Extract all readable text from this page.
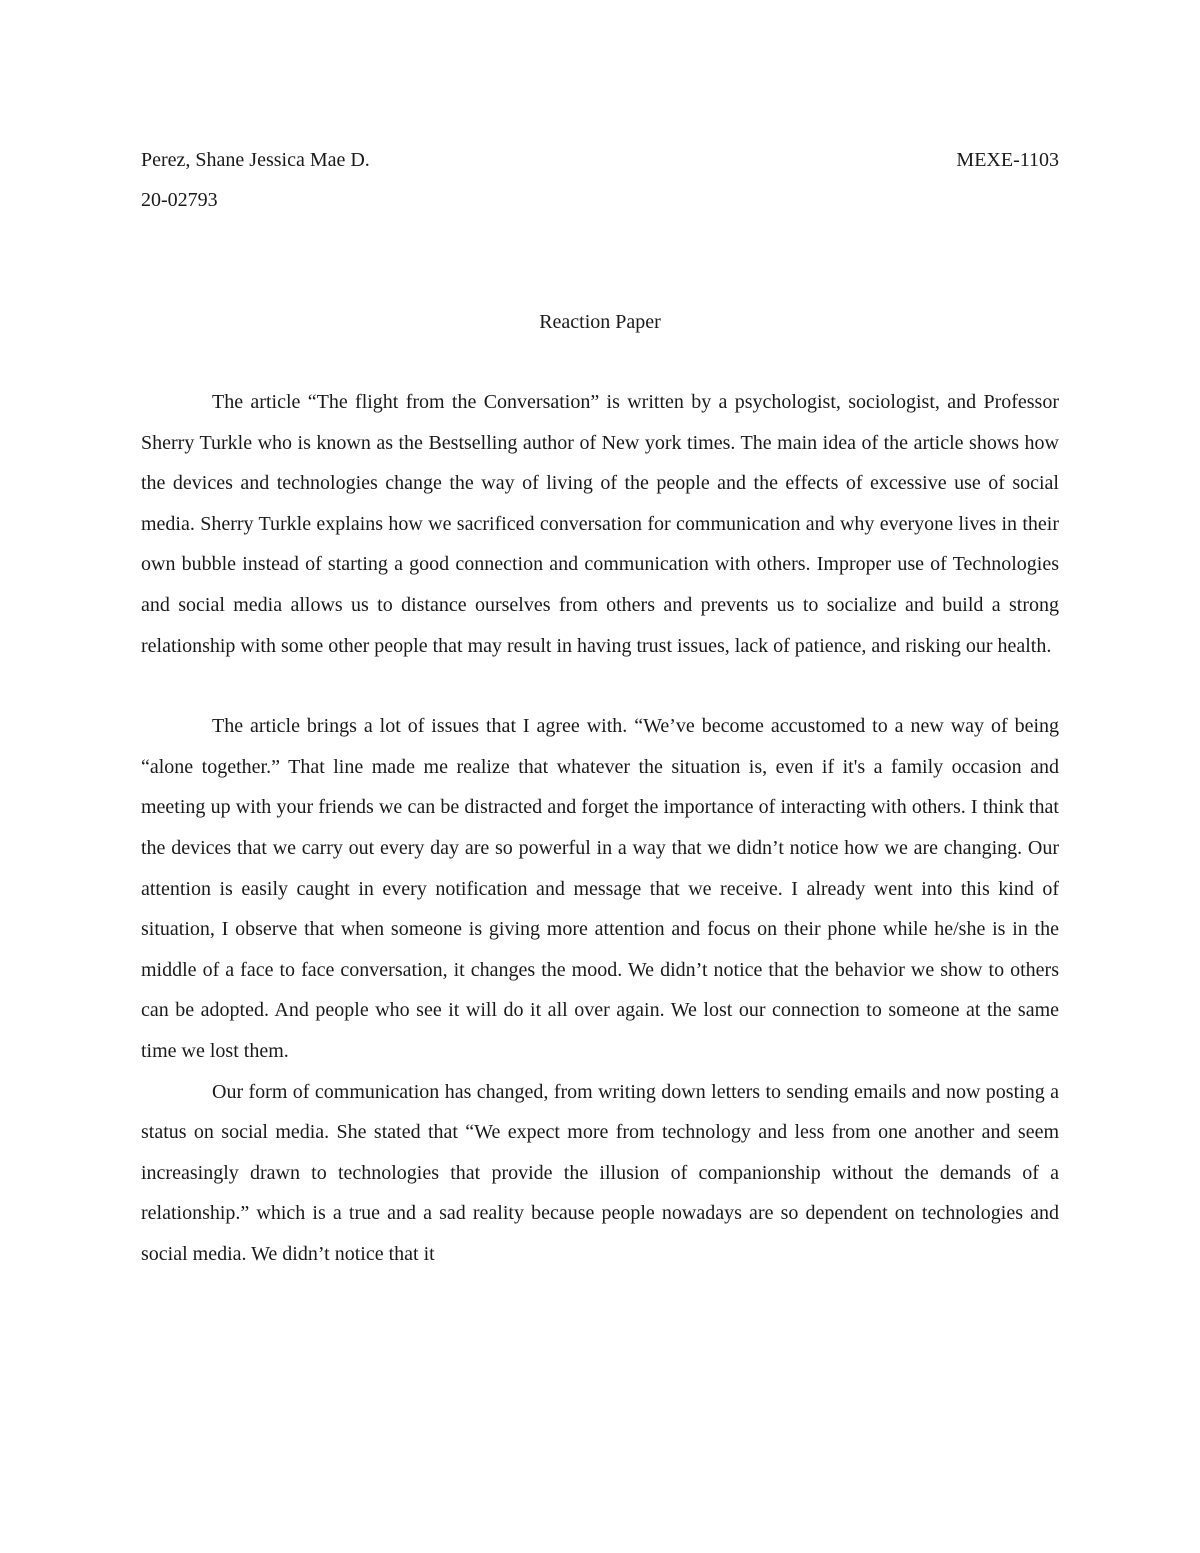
Perez, Shane Jessica Mae D.	MEXE-1103
20-02793
Reaction Paper

The article “The flight from the Conversation” is written by a psychologist, sociologist, and Professor Sherry Turkle who is known as the Bestselling author of New york times. The main idea of the article shows how the devices and technologies change the way of living of the people and the effects of excessive use of social media. Sherry Turkle explains how we sacrificed conversation for communication and why everyone lives in their own bubble instead of starting a good connection and communication with others. Improper use of Technologies and social media allows us to distance ourselves from others and prevents us to socialize and build a strong relationship with some other people that may result in having trust issues, lack of patience, and risking our health.

The article brings a lot of issues that I agree with. “We’ve become accustomed to a new way of being “alone together.” That line made me realize that whatever the situation is, even if it's a family occasion and meeting up with your friends we can be distracted and forget the importance of interacting with others. I think that the devices that we carry out every day are so powerful in a way that we didn’t notice how we are changing. Our attention is easily caught in every notification and message that we receive. I already went into this kind of situation, I observe that when someone is giving more attention and focus on their phone while he/she is in the middle of a face to face conversation, it changes the mood. We didn’t notice that the behavior we show to others can be adopted. And people who see it will do it all over again. We lost our connection to someone at the same time we lost them.

Our form of communication has changed, from writing down letters to sending emails and now posting a status on social media. She stated that “We expect more from technology and less from one another and seem increasingly drawn to technologies that provide the illusion of companionship without the demands of a relationship.” which is a true and a sad reality because people nowadays are so dependent on technologies and social media. We didn’t notice that it
